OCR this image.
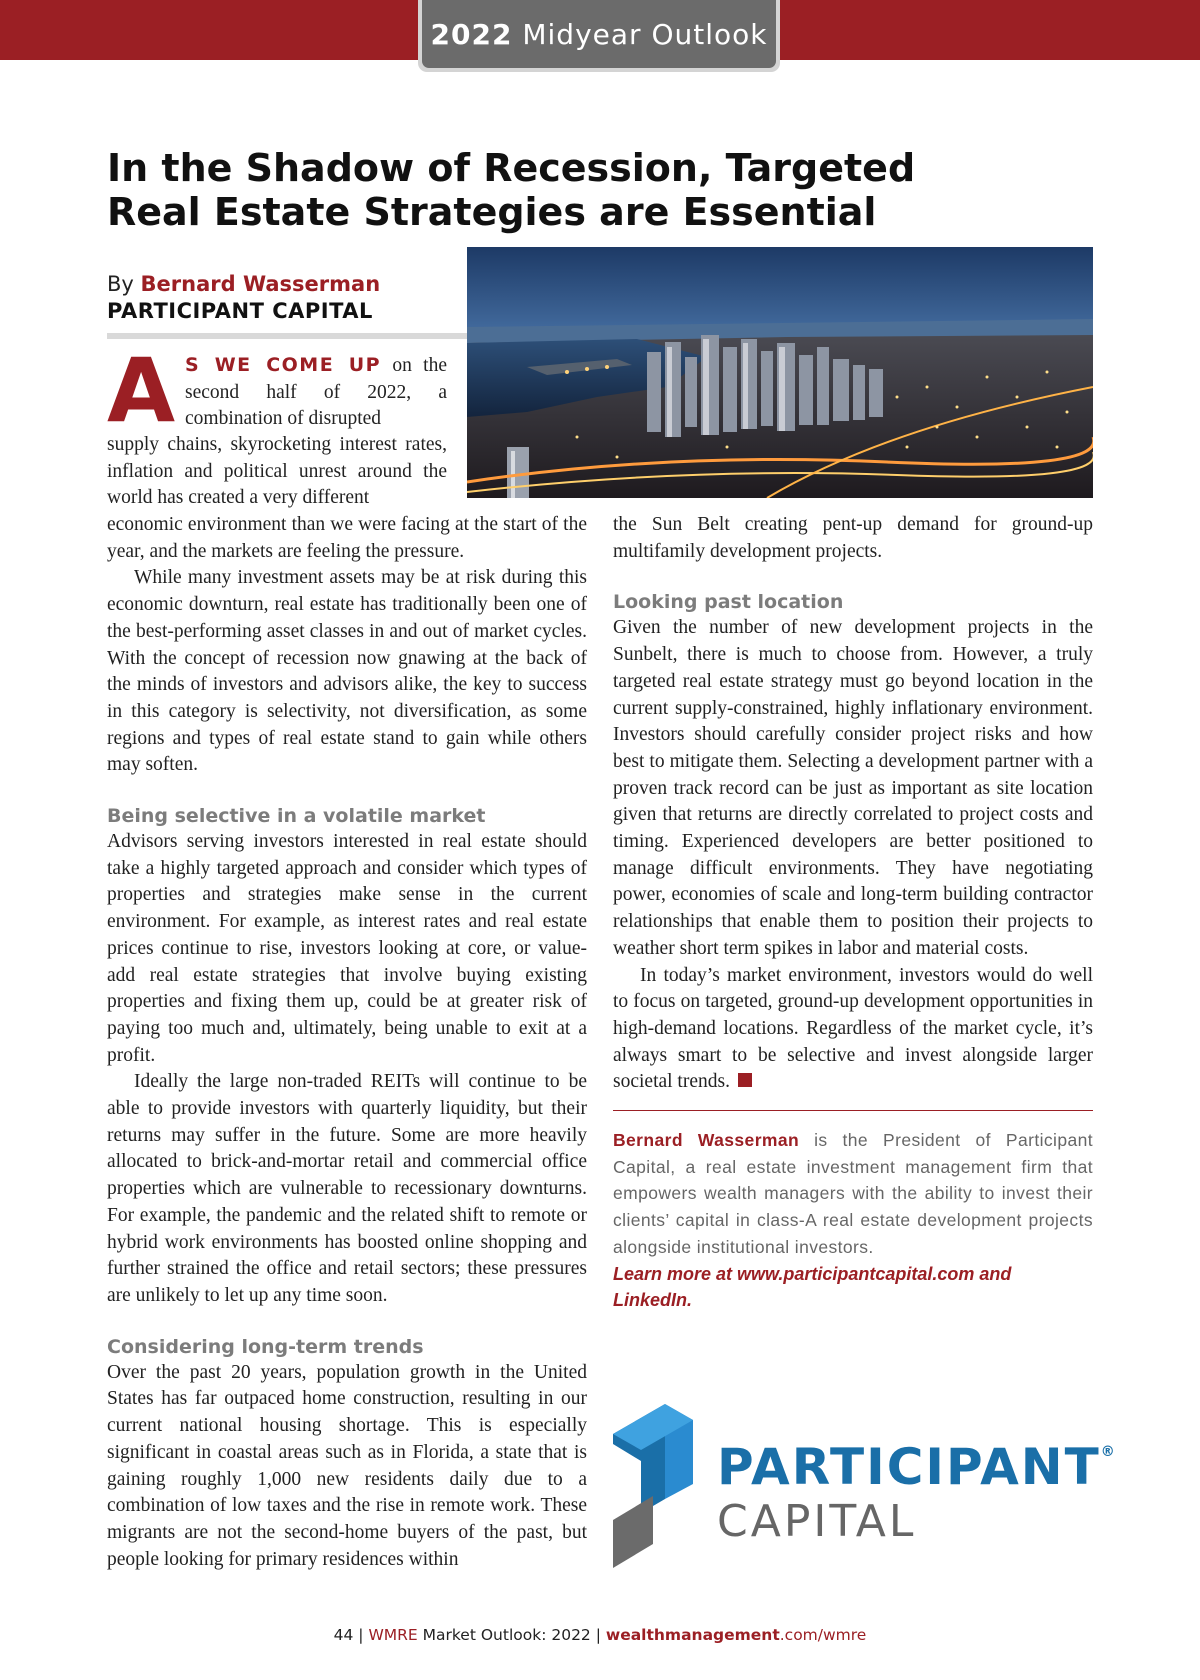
2022 Midyear Outlook
In the Shadow of Recession, Targeted Real Estate Strategies are Essential
By Bernard Wasserman
PARTICIPANT CAPITAL
A S WE COME UP on the second half of 2022, a combination of disrupted

supply chains, skyrocketing interest rates, inflation and political unrest around the world has created a very different

economic environment than we were facing at the start of the year, and the markets are feeling the pressure.

While many investment assets may be at risk during this economic downturn, real estate has traditionally been one of the best-performing asset classes in and out of market cycles. With the concept of recession now gnawing at the back of the minds of investors and advisors alike, the key to success in this category is selectivity, not diversification, as some regions and types of real estate stand to gain while others may soften.

Being selective in a volatile market

Advisors serving investors interested in real estate should take a highly targeted approach and consider which types of properties and strategies make sense in the current environment. For example, as interest rates and real estate prices continue to rise, investors looking at core, or value-add real estate strategies that involve buying existing properties and fixing them up, could be at greater risk of paying too much and, ultimately, being unable to exit at a profit.

Ideally the large non-traded REITs will continue to be able to provide investors with quarterly liquidity, but their returns may suffer in the future. Some are more heavily allocated to brick-and-mortar retail and commercial office properties which are vulnerable to recessionary downturns. For example, the pandemic and the related shift to remote or hybrid work environments has boosted online shopping and further strained the office and retail sectors; these pressures are unlikely to let up any time soon.

Considering long-term trends

Over the past 20 years, population growth in the United States has far outpaced home construction, resulting in our current national housing shortage. This is especially significant in coastal areas such as in Florida, a state that is gaining roughly 1,000 new residents daily due to a combination of low taxes and the rise in remote work. These migrants are not the second-home buyers of the past, but people looking for primary residences within

the Sun Belt creating pent-up demand for ground-up multifamily development projects.

Looking past location

Given the number of new development projects in the Sunbelt, there is much to choose from. However, a truly targeted real estate strategy must go beyond location in the current supply-constrained, highly inflationary environment. Investors should carefully consider project risks and how best to mitigate them. Selecting a development partner with a proven track record can be just as important as site location given that returns are directly correlated to project costs and timing. Experienced developers are better positioned to manage difficult environments. They have negotiating power, economies of scale and long-term building contractor relationships that enable them to position their projects to weather short term spikes in labor and material costs.

In today’s market environment, investors would do well to focus on targeted, ground-up development opportunities in high-demand locations. Regardless of the market cycle, it’s always smart to be selective and invest alongside larger societal trends.

Bernard Wasserman is the President of Participant Capital, a real estate investment management firm that empowers wealth managers with the ability to invest their clients’ capital in class-A real estate development projects alongside institutional investors.

Learn more at www.participantcapital.com and LinkedIn.

PARTICIPANT®
CAPITAL
44 | WMRE Market Outlook: 2022 | wealthmanagement.com/wmre
